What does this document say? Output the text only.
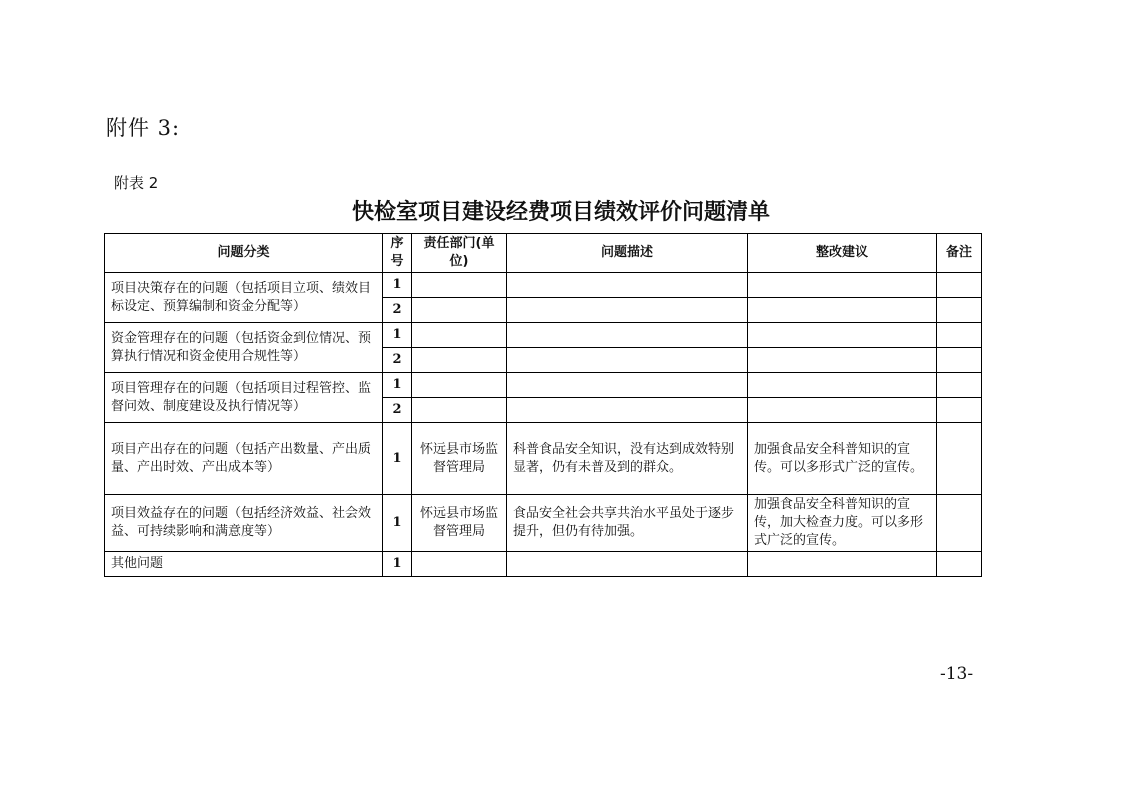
附件 3:
附表 2
快检室项目建设经费项目绩效评价问题清单
问题分类	序号	责任部门(单位)	问题描述	整改建议	备注
项目决策存在的问题（包括项目立项、绩效目标设定、预算编制和资金分配等）	1				
	2				
资金管理存在的问题（包括资金到位情况、预算执行情况和资金使用合规性等）	1				
	2				
项目管理存在的问题（包括项目过程管控、监督问效、制度建设及执行情况等）	1				
	2				
项目产出存在的问题（包括产出数量、产出质量、产出时效、产出成本等）	1	怀远县市场监督管理局	科普食品安全知识，没有达到成效特别显著，仍有未普及到的群众。	加强食品安全科普知识的宣传。可以多形式广泛的宣传。	
项目效益存在的问题（包括经济效益、社会效益、可持续影响和满意度等）	1	怀远县市场监督管理局	食品安全社会共享共治水平虽处于逐步提升，但仍有待加强。	加强食品安全科普知识的宣传，加大检查力度。可以多形式广泛的宣传。	
其他问题	1				
-13-
